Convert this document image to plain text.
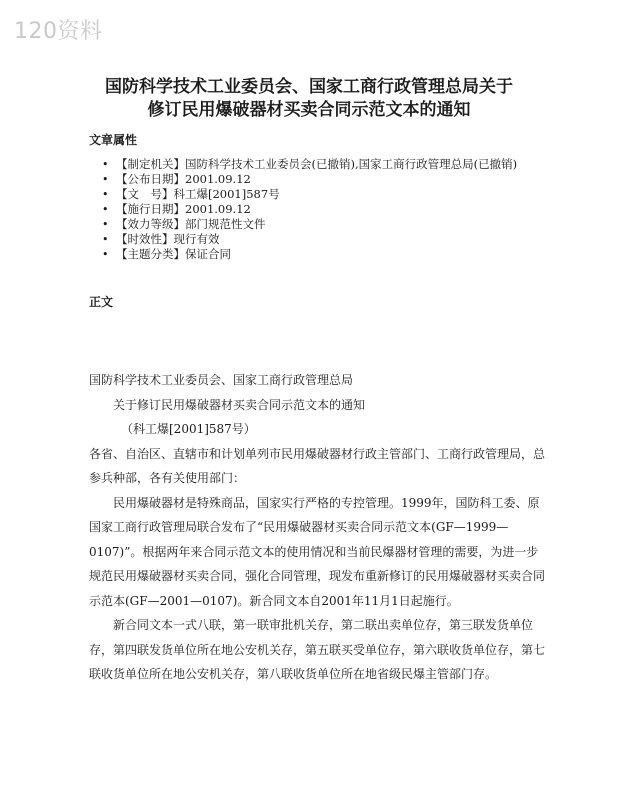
120资料
国防科学技术工业委员会、国家工商行政管理总局关于
修订民用爆破器材买卖合同示范文本的通知
文章属性
• 【制定机关】国防科学技术工业委员会(已撤销),国家工商行政管理总局(已撤销)
• 【公布日期】2001.09.12
• 【文　号】科工爆[2001]587号
• 【施行日期】2001.09.12
• 【效力等级】部门规范性文件
• 【时效性】现行有效
• 【主题分类】保证合同
正文

国防科学技术工业委员会、国家工商行政管理总局

关于修订民用爆破器材买卖合同示范文本的通知

（科工爆[2001]587号）

各省、自治区、直辖市和计划单列市民用爆破器材行政主管部门、工商行政管理局，总参兵种部，各有关使用部门：

民用爆破器材是特殊商品，国家实行严格的专控管理。1999年，国防科工委、原国家工商行政管理局联合发布了“民用爆破器材买卖合同示范文本(GF—1999—0107)”。根据两年来合同示范文本的使用情况和当前民爆器材管理的需要，为进一步规范民用爆破器材买卖合同，强化合同管理，现发布重新修订的民用爆破器材买卖合同示范本(GF—2001—0107)。新合同文本自2001年11月1日起施行。

新合同文本一式八联，第一联审批机关存，第二联出卖单位存，第三联发货单位存，第四联发货单位所在地公安机关存，第五联买受单位存，第六联收货单位存，第七联收货单位所在地公安机关存，第八联收货单位所在地省级民爆主管部门存。
